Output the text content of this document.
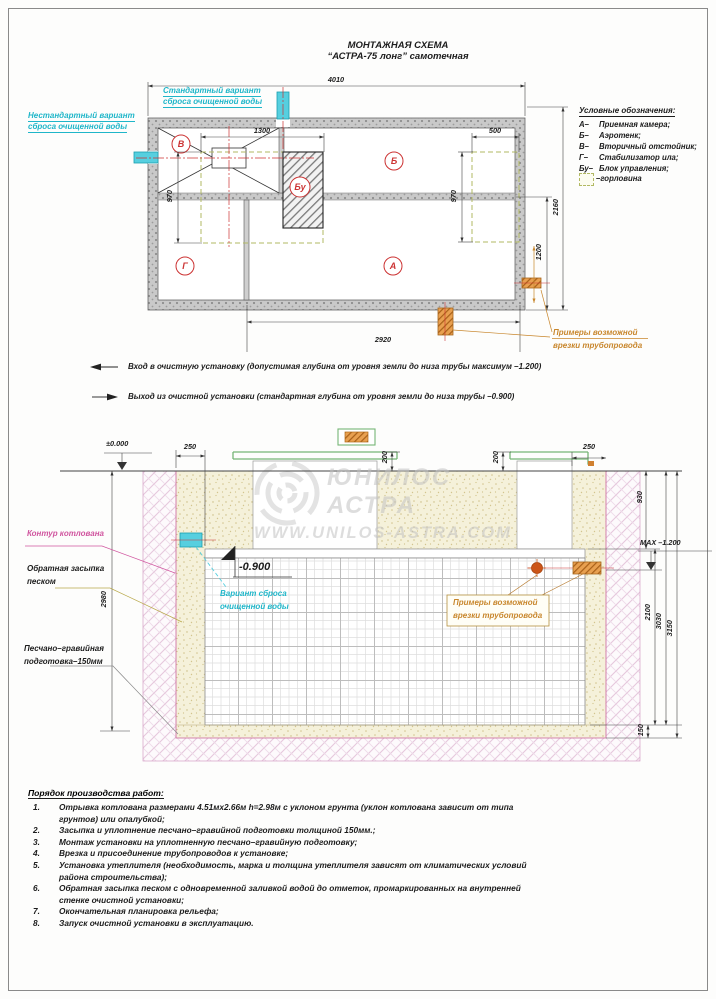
МОНТАЖНАЯ СХЕМА
“АСТРА-75 лонг” самотечная
Стандартный вариант
сброса очищенной воды
Нестандартный вариант
сброса очищенной воды
Условные обозначения:
А– Приемная камера;
Б– Аэротенк;
В– Вторичный отстойник;
Г– Стабилизатор ила;
Бу– Блок управления;
–горловина
4010
1300	500
970	970
1200
2160
2920
В
Б
Бу
Г	А
Примеры возможной
врезки трубопровода
Вход в очистную установку (допустимая глубина от уровня земли до низа трубы максимум –1.200)
Выход из очистной установки (стандартная глубина от уровня земли до низа трубы –0.900)
±0.000	250
200	200
250
930
МАХ –1.200
2980
2100
3030 3150
150
-0.900
Контур котлована
Обратная засыпка
песком
Песчано–гравийная
подготовка–150мм
Вариант сброса
очищенной воды	Примеры возможной
врезки трубопровода
ЮНИЛОС
АСТРА
WWW.UNILOS-ASTRA.COM
Порядок производства работ:
1.	Отрывка котлована размерами 4.51мх2.66м h=2.98м с уклоном грунта (уклон котлована зависит от типа грунтов) или опалубкой;
2.	Засыпка и уплотнение песчано–гравийной подготовки толщиной 150мм.;
3.	Монтаж установки на уплотненную песчано–гравийную подготовку;
4.	Врезка и присоединение трубопроводов к установке;
5.	Установка утеплителя (необходимость, марка и толщина утеплителя зависят от климатических условий района строительства);
6.	Обратная засыпка песком с одновременной заливкой водой до отметок, промаркированных на внутренней стенке очистной установки;
7.	Окончательная планировка рельефа;
8.	Запуск очистной установки в эксплуатацию.
